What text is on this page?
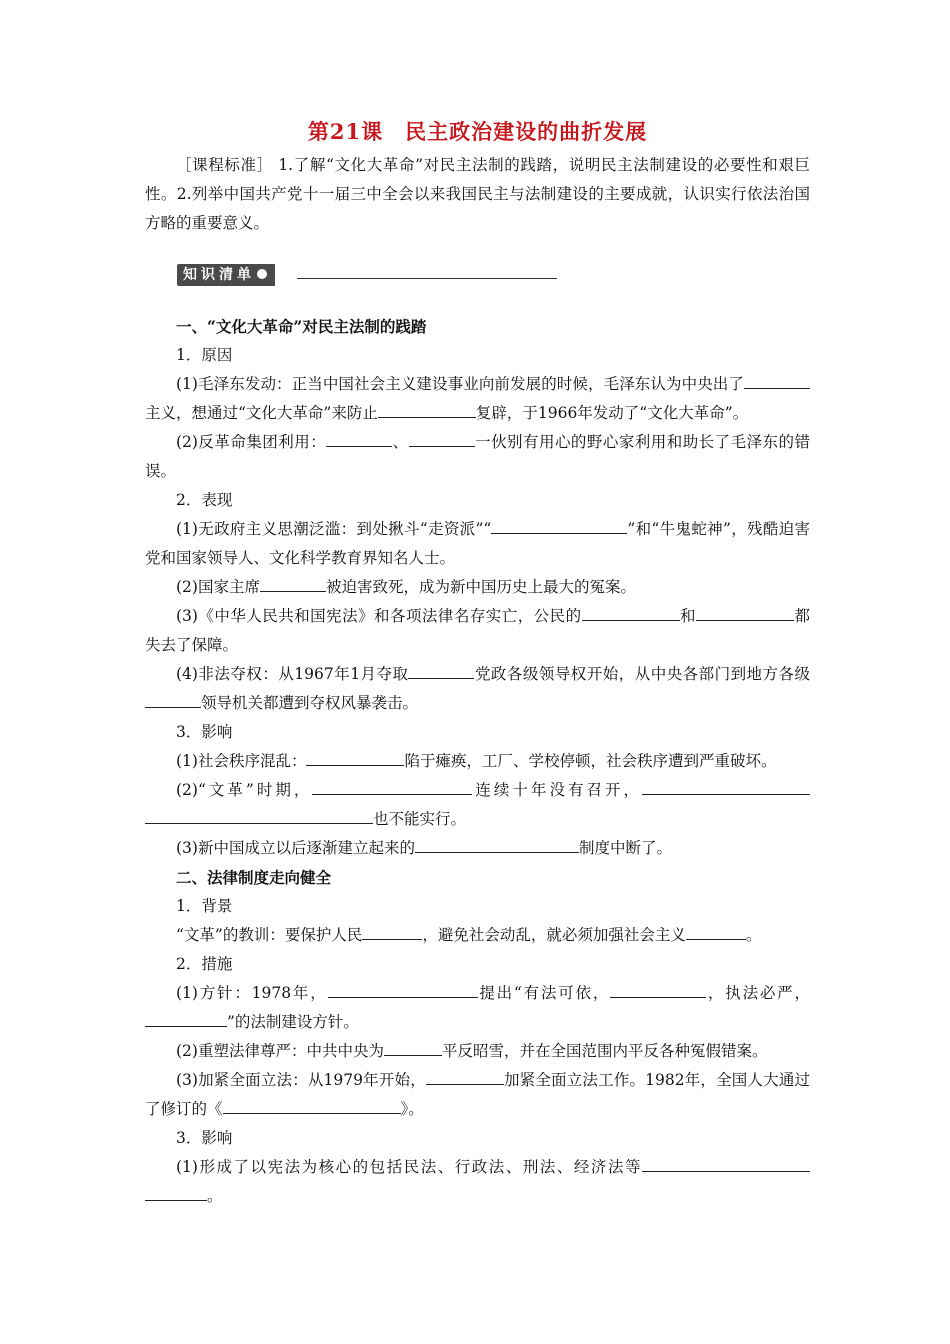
第21课 民主政治建设的曲折发展

［课程标准］ 1.了解“文化大革命”对民主法制的践踏，说明民主法制建设的必要性和艰巨性。2.列举中国共产党十一届三中全会以来我国民主与法制建设的主要成就，认识实行依法治国方略的重要意义。

知识清单

一、“文化大革命”对民主法制的践踏

1．原因

(1)毛泽东发动：正当中国社会主义建设事业向前发展的时候，毛泽东认为中央出了主义，想通过“文化大革命”来防止	复辟，于1966年发动了“文化大革命”。

(2)反革命集团利用：	、	一伙别有用心的野心家利用和助长了毛泽东的错误。

2．表现

(1)无政府主义思潮泛滥：到处揪斗“走资派”“	”和“牛鬼蛇神”，残酷迫害党和国家领导人、文化科学教育界知名人士。

(2)国家主席	被迫害致死，成为新中国历史上最大的冤案。

(3)《中华人民共和国宪法》和各项法律名存实亡，公民的	和	都失去了保障。

(4)非法夺权：从1967年1月夺取	党政各级领导权开始，从中央各部门到地方各级领导机关都遭到夺权风暴袭击。

3．影响

(1)社会秩序混乱：	陷于瘫痪，工厂、学校停顿，社会秩序遭到严重破坏。

(2)“文革”时期，	连续十年没有召开，也不能实行。

(3)新中国成立以后逐渐建立起来的	制度中断了。

二、法律制度走向健全

1．背景

“文革”的教训：要保护人民	，避免社会动乱，就必须加强社会主义	。

2．措施

(1)方针：1978年，	提出“有法可依，	，执法必严，”的法制建设方针。

(2)重塑法律尊严：中共中央为	平反昭雪，并在全国范围内平反各种冤假错案。

(3)加紧全面立法：从1979年开始，	加紧全面立法工作。1982年，全国人大通过了修订的《	》。

3．影响

(1)形成了以宪法为核心的包括民法、行政法、刑法、经济法等。
